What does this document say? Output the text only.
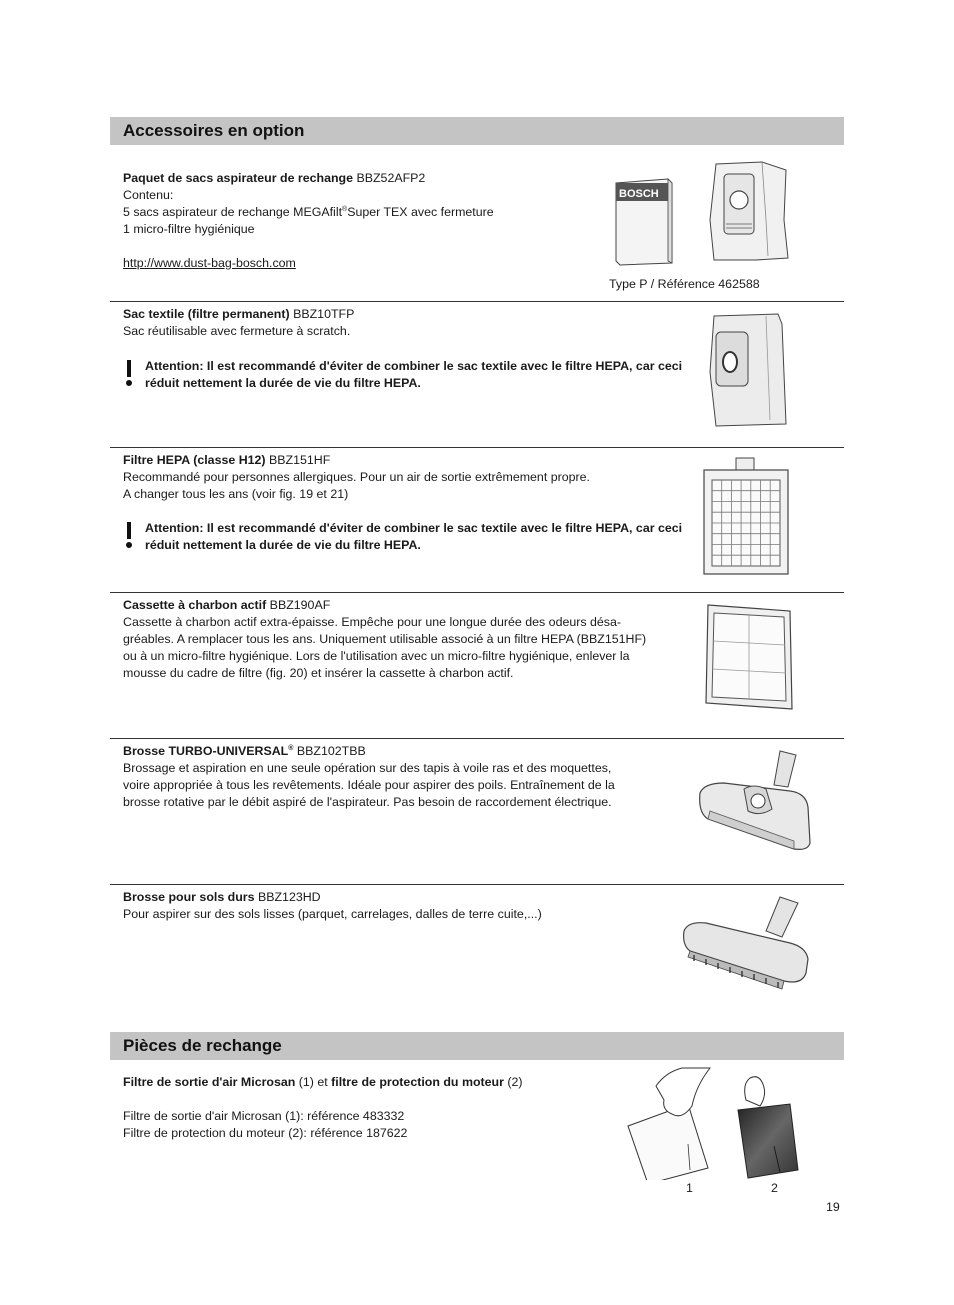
Accessoires en option

Paquet de sacs aspirateur de rechange BBZ52AFP2

Contenu:

5 sacs aspirateur de rechange MEGAfilt®Super TEX avec fermeture

1 micro-filtre hygiénique

http://www.dust-bag-bosch.com

BOSCH
Type P / Référence 462588

Sac textile (filtre permanent) BBZ10TFP

Sac réutilisable avec fermeture à scratch.

Attention: Il est recommandé d'éviter de combiner le sac textile avec le filtre HEPA, car ceci réduit nettement la durée de vie du filtre HEPA.

Filtre HEPA (classe H12) BBZ151HF

Recommandé pour personnes allergiques. Pour un air de sortie extrêmement propre.

A changer tous les ans (voir fig. 19 et 21)

Attention: Il est recommandé d'éviter de combiner le sac textile avec le filtre HEPA, car ceci réduit nettement la durée de vie du filtre HEPA.

Cassette à charbon actif BBZ190AF

Cassette à charbon actif extra-épaisse. Empêche pour une longue durée des odeurs désa-

gréables. A remplacer tous les ans. Uniquement utilisable associé à un filtre HEPA (BBZ151HF)

ou à un micro-filtre hygiénique. Lors de l'utilisation avec un micro-filtre hygiénique, enlever la

mousse du cadre de filtre (fig. 20) et insérer la cassette à charbon actif.

Brosse TURBO-UNIVERSAL® BBZ102TBB

Brossage et aspiration en une seule opération sur des tapis à voile ras et des moquettes,

voire appropriée à tous les revêtements. Idéale pour aspirer des poils. Entraînement de la

brosse rotative par le débit aspiré de l'aspirateur. Pas besoin de raccordement électrique.

Brosse pour sols durs BBZ123HD

Pour aspirer sur des sols lisses (parquet, carrelages, dalles de terre cuite,...)

Pièces de rechange

Filtre de sortie d'air Microsan (1) et filtre de protection du moteur (2)

Filtre de sortie d'air Microsan (1): référence 483332

Filtre de protection du moteur (2): référence 187622

1	2
19
